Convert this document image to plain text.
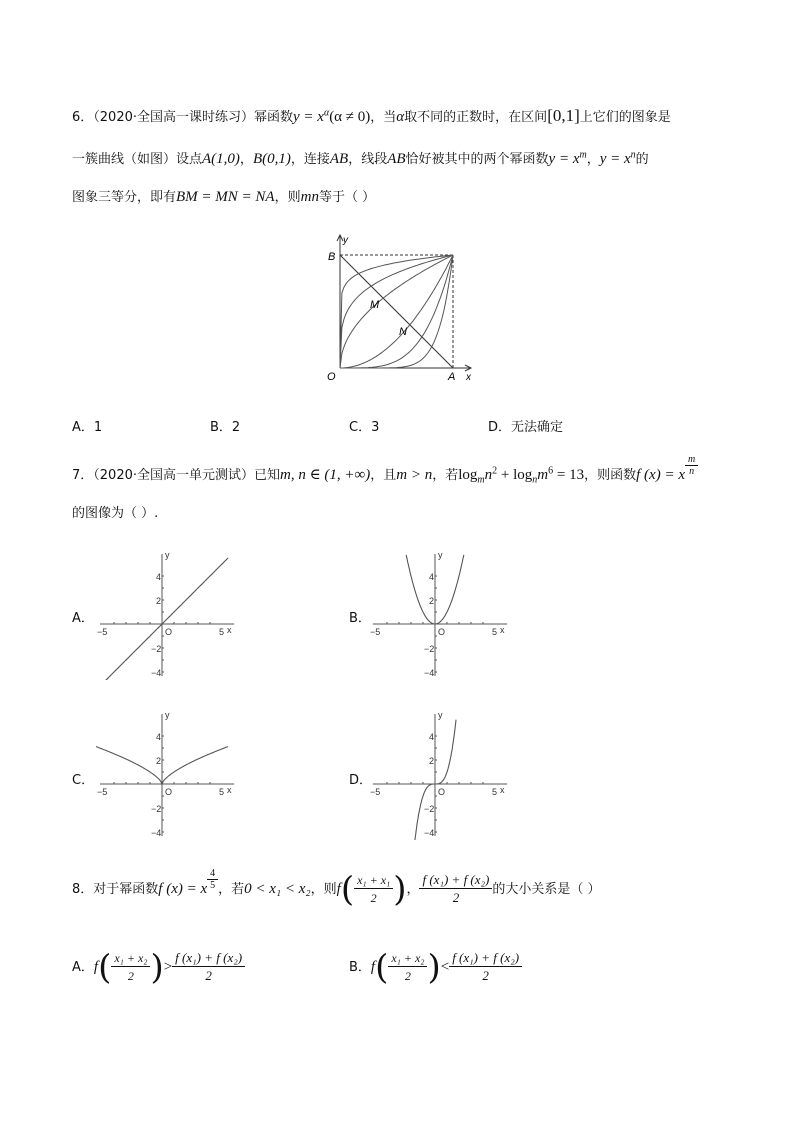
6．（2020·全国高一课时练习）幂函数$y = x^\alpha(\alpha \ne 0)$，当α取不同的正数时，在区间[0,1]上它们的图象是
一簇曲线（如图）设点A(1,0)，B(0,1)，连接AB，线段AB恰好被其中的两个幂函数$y = x^m$，$y = x^n$的
图象三等分，即有BM = MN = NA，则mn等于（ ）
B
y
M
N
O	A x
A．1	B．2	C．3	D．无法确定
7．（2020·全国高一单元测试）已知m, n ∈ (1, +∞)，且m > n，若$\log_mn^2 + \log_nm^6 = 13$，则函数f (x) = x $\frac{m}{n}$
的图像为（ ）.
A．	B．
C．	D．
−5	5 x
4
2
−2
−4
y
O	−5	5 x
4
2
−2
−4
y
O
−5	5 x
4
2
−2
−4
y
O	−5	5 x
4
2
−2
−4
y
O
8．对于幂函数f (x) = x $\frac{4}{5}$ ，若0 < x₁ < x₂，则$f( \frac{\text{x₁ + x₁}}{2}$ )， $\frac{\text{f (x₁) + f (x₂)}}{2}$ 的大小关系是（ ）
A．$f( \frac{\text{x₁ + x₂}}{2}$ )> $\frac{\text{f (x₁) + f (x₂)}}{2}$	B．$f( \frac{\text{x₁ + x₂}}{2}$ )< $\frac{\text{f (x₁) + f (x₂)}}{2}$
